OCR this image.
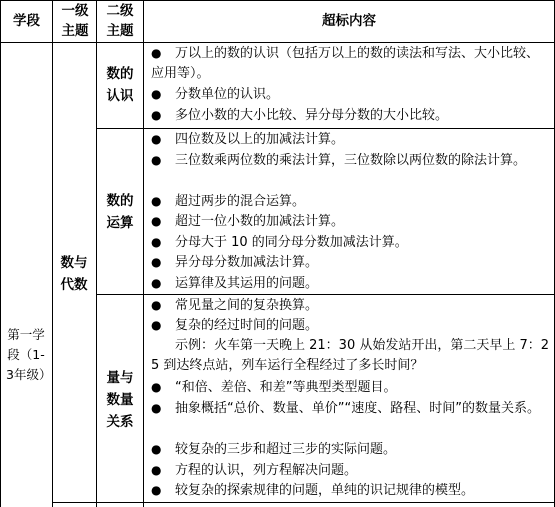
学段
一级主题
二级主题
超标内容
第一学段（1-3年级）
数与代数
数的认识
数的运算
量与数量关系
● 万以上的数的认识（包括万以上的数的读法和写法、大小比较、应用等）。
● 分数单位的认识。
● 多位小数的大小比较、异分母分数的大小比较。
● 四位数及以上的加减法计算。
● 三位数乘两位数的乘法计算，三位数除以两位数的除法计算。
● 超过两步的混合运算。
● 超过一位小数的加减法计算。
● 分母大于 10 的同分母分数加减法计算。
● 异分母分数加减法计算。
● 运算律及其运用的问题。
● 常见量之间的复杂换算。
● 复杂的经过时间的问题。
示例：火车第一天晚上 21：30 从始发站开出，第二天早上 7：25 到达终点站，列车运行全程经过了多长时间？
● “和倍、差倍、和差”等典型类型题目。
● 抽象概括“总价、数量、单价”“速度、路程、时间”的数量关系。
● 较复杂的三步和超过三步的实际问题。
● 方程的认识，列方程解决问题。
● 较复杂的探索规律的问题，单纯的识记规律的模型。
